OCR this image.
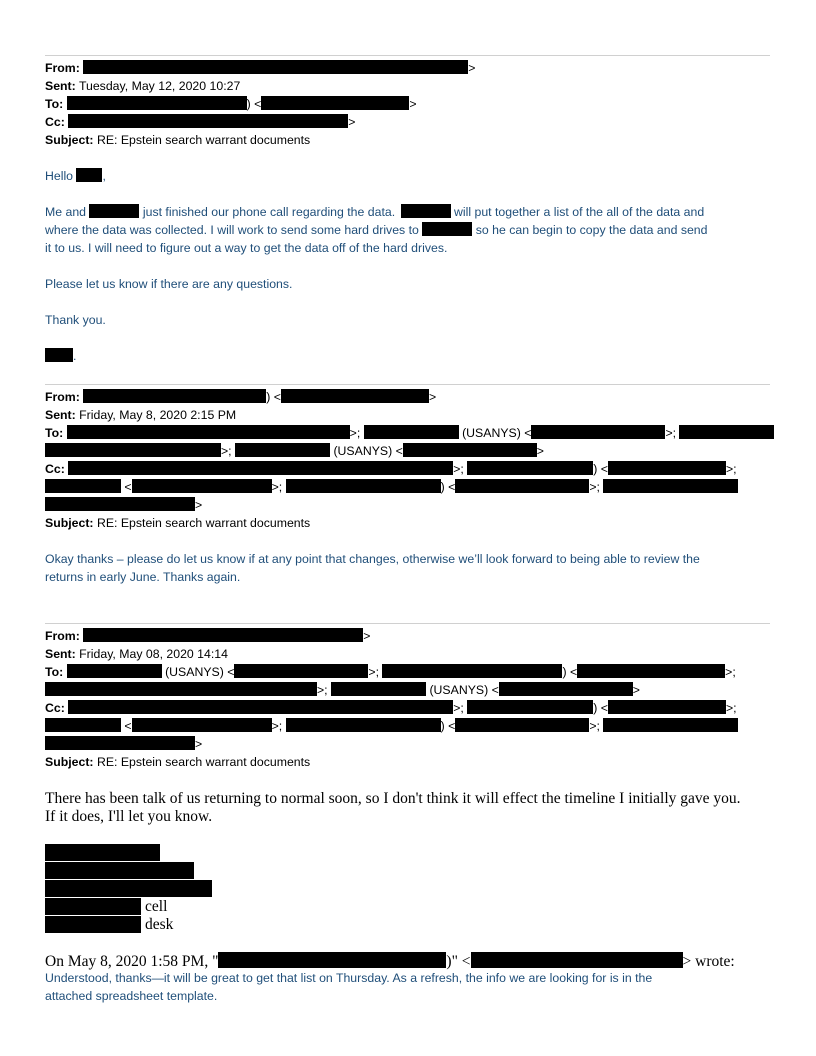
From:	>
Sent: Tuesday, May 12, 2020 10:27
To:	) <	>
Cc:	>
Subject: RE: Epstein search warrant documents
Hello ,
Me and	just finished our phone call regarding the data.	will put together a list of the all of the data and
where the data was collected. I will work to send some hard drives to	so he can begin to copy the data and send
it to us. I will need to figure out a way to get the data off of the hard drives.
Please let us know if there are any questions.
Thank you.
.
From:	) <	>
Sent: Friday, May 8, 2020 2:15 PM
To:	>;	(USANYS) <	>;
>;	(USANYS) <	>
Cc:	>;	) <	>;
<	>;	) <	>;
>
Subject: RE: Epstein search warrant documents
Okay thanks – please do let us know if at any point that changes, otherwise we’ll look forward to being able to review the
returns in early June. Thanks again.
From:	>
Sent: Friday, May 08, 2020 14:14
To:	(USANYS) <	>;	) <	>;
>;	(USANYS) <	>
Cc:	>;	) <	>;
<	>;	) <	>;
>
Subject: RE: Epstein search warrant documents
There has been talk of us returning to normal soon, so I don't think it will effect the timeline I initially gave you.
If it does, I'll let you know.
cell
desk
On May 8, 2020 1:58 PM, "	)" <	> wrote:
Understood, thanks—it will be great to get that list on Thursday. As a refresh, the info we are looking for is in the
attached spreadsheet template.
